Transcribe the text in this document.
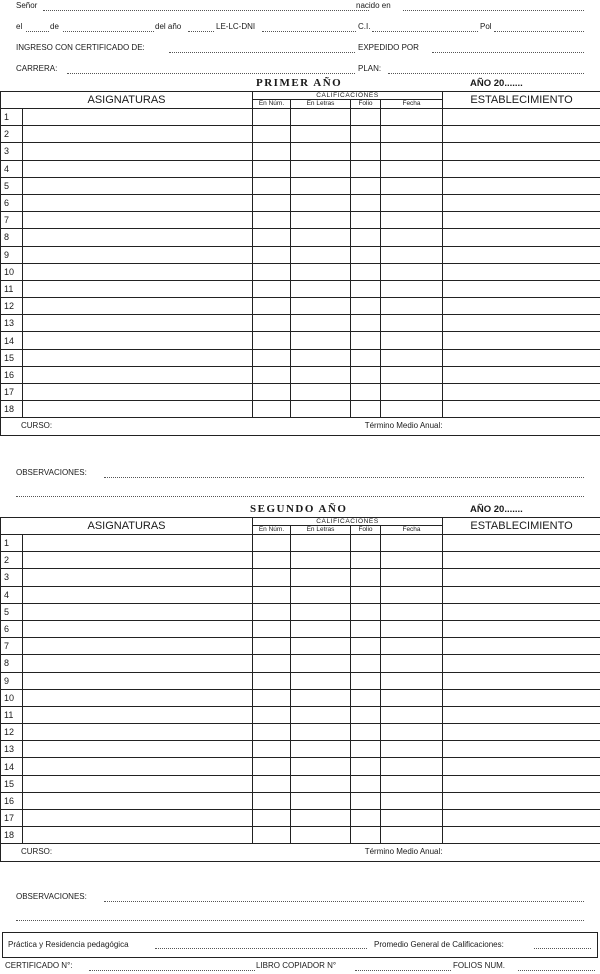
Señor	nacido en
el	de	del año	LE-LC-DNI	C.I.	Pol
INGRESO CON CERTIFICADO DE:	EXPEDIDO POR
CARRERA:	PLAN:
PRIMER AÑO	AÑO 20.......
ASIGNATURAS		CALIFICACIONES				ESTABLECIMIENTO
		En Núm.	En Letras	Folio	Fecha	
1						
2						
3						
4						
5						
6						
7						
8						
9						
10						
11						
12						
13						
14						
15						
16						
17						
18						
CURSO:		Término Medio Anual:				
OBSERVACIONES:
SEGUNDO AÑO	AÑO 20.......
ASIGNATURAS		CALIFICACIONES				ESTABLECIMIENTO
		En Núm.	En Letras	Folio	Fecha	
1						
2						
3						
4						
5						
6						
7						
8						
9						
10						
11						
12						
13						
14						
15						
16						
17						
18						
CURSO:		Término Medio Anual:				
OBSERVACIONES:
Práctica y Residencia pedagógica	Promedio General de Calificaciones:
CERTIFICADO N°:	LIBRO COPIADOR N°	FOLIOS NUM.
